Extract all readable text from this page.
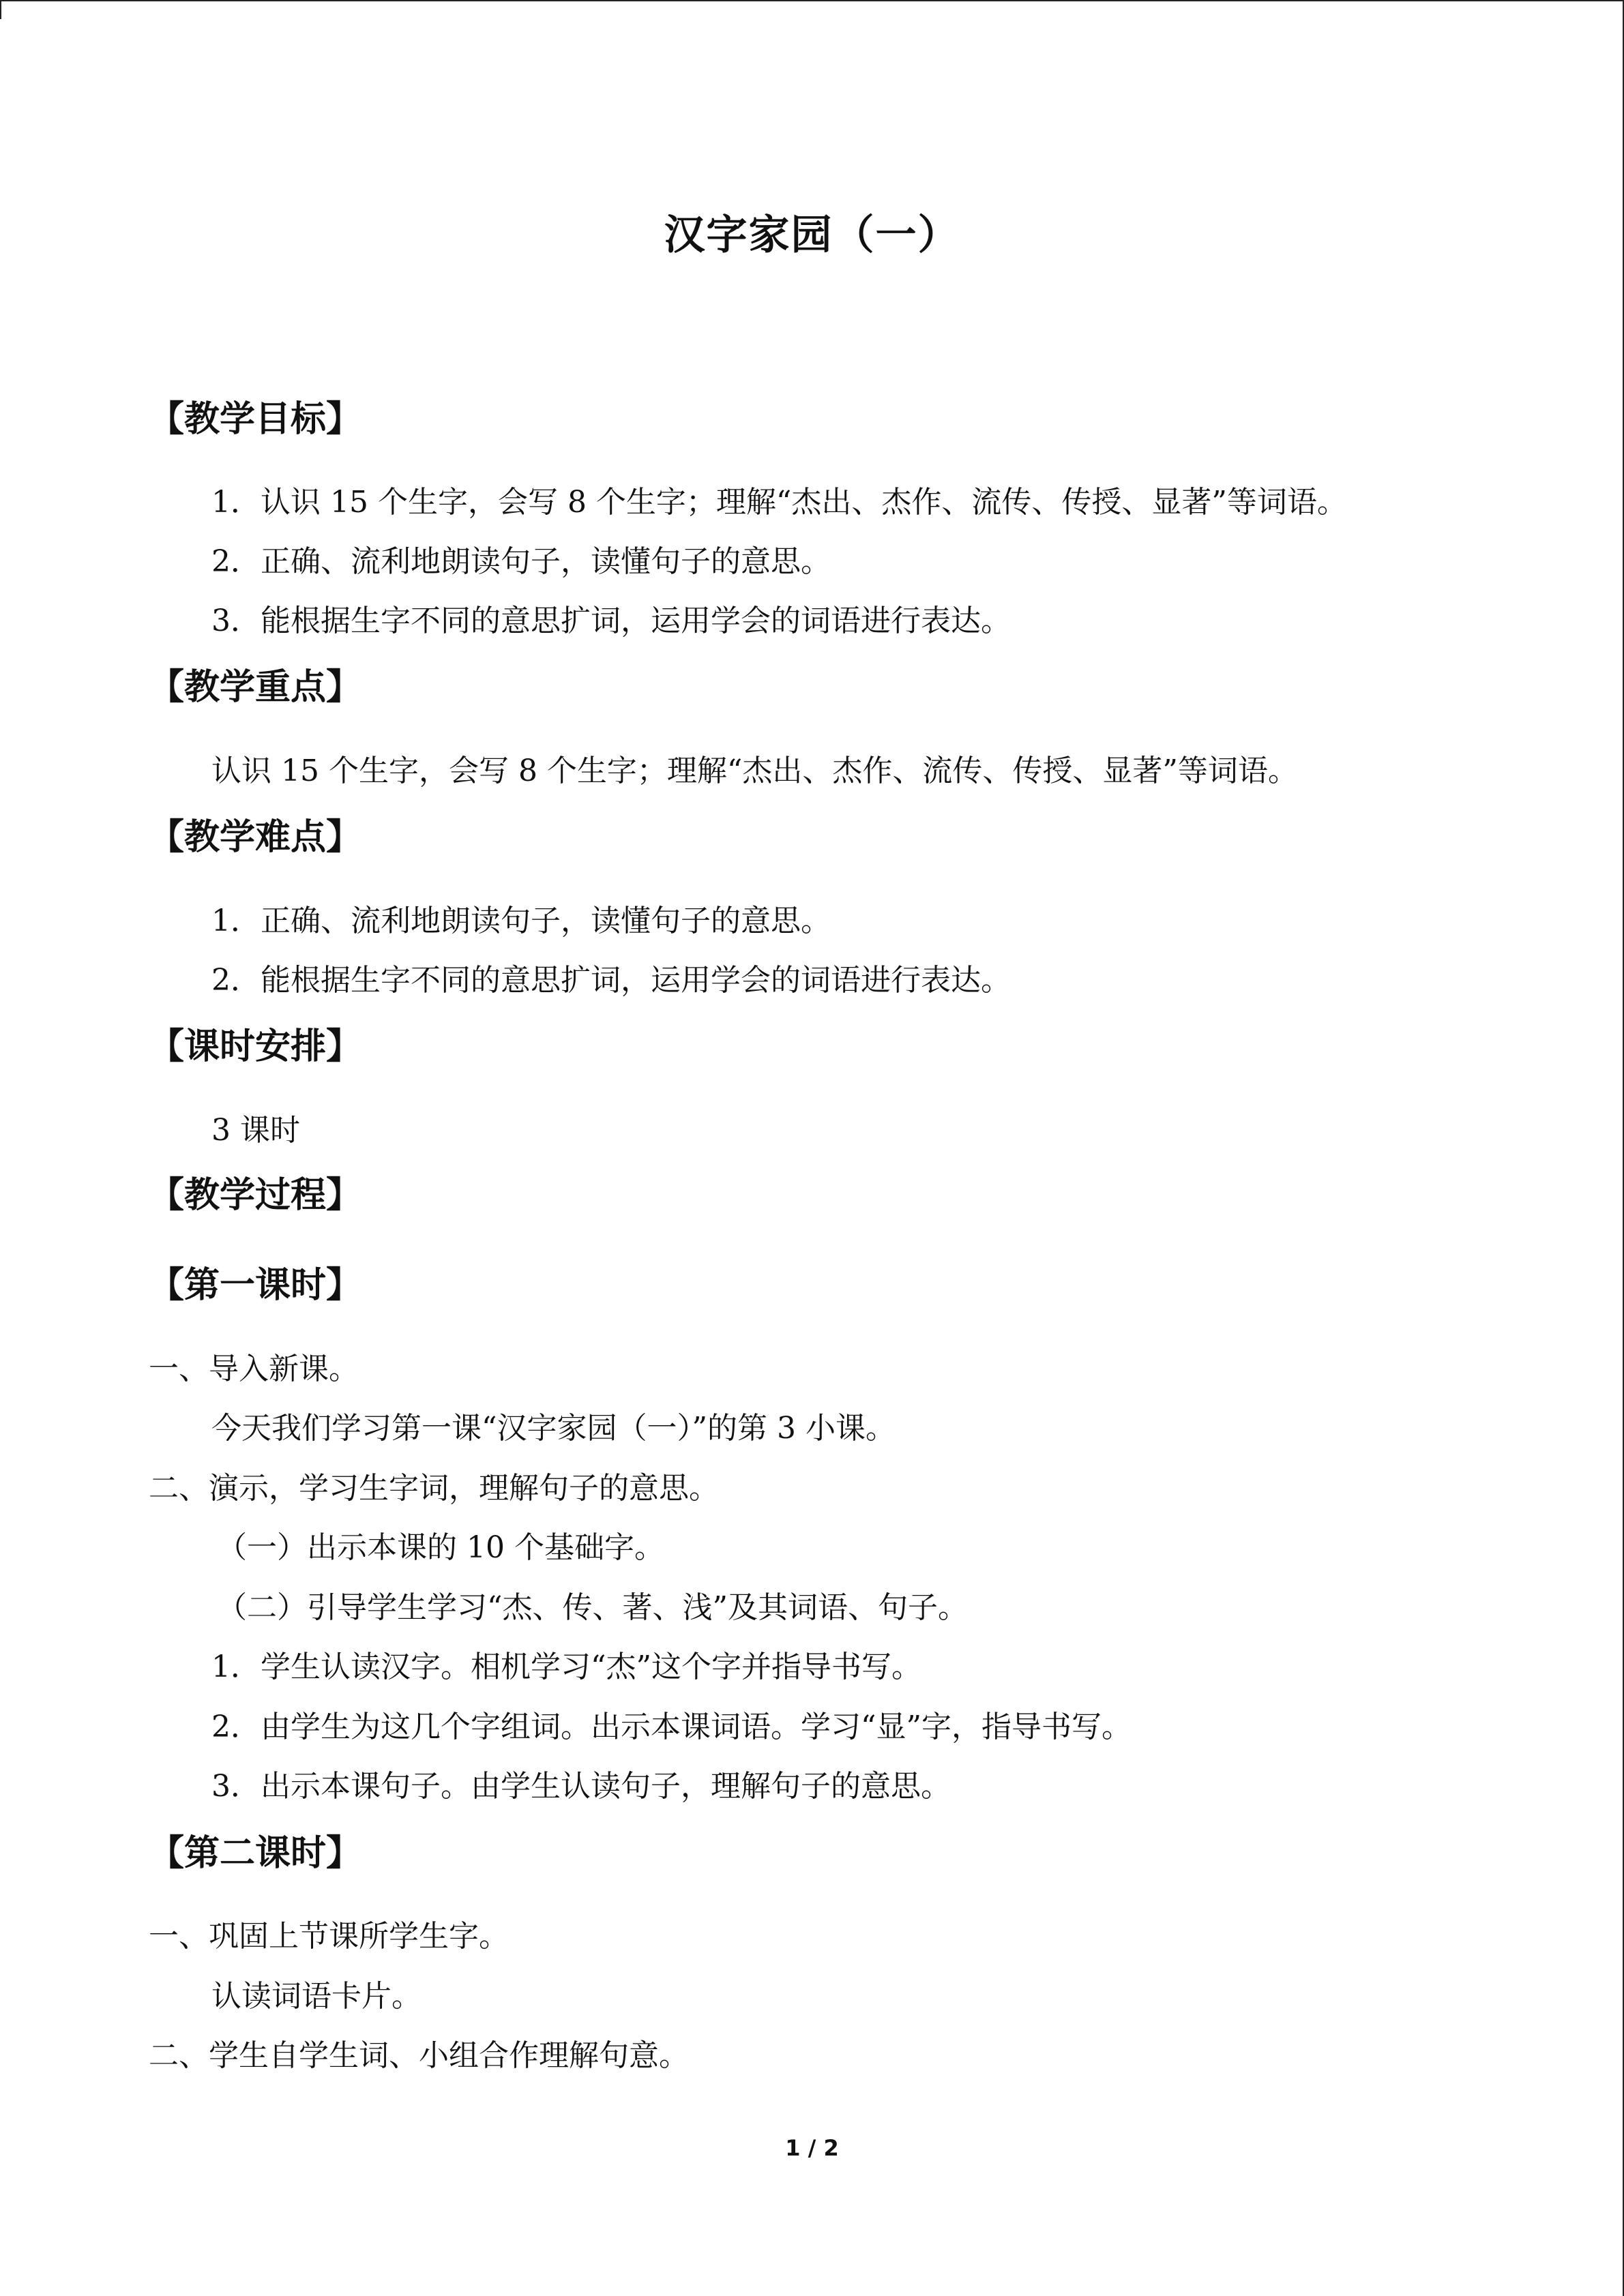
汉字家园（一）
【教学目标】
1．认识 15 个生字，会写 8 个生字；理解“杰出、杰作、流传、传授、显著”等词语。
2．正确、流利地朗读句子，读懂句子的意思。
3．能根据生字不同的意思扩词，运用学会的词语进行表达。
【教学重点】
认识 15 个生字，会写 8 个生字；理解“杰出、杰作、流传、传授、显著”等词语。
【教学难点】
1．正确、流利地朗读句子，读懂句子的意思。
2．能根据生字不同的意思扩词，运用学会的词语进行表达。
【课时安排】
3 课时
【教学过程】
【第一课时】
一、导入新课。
今天我们学习第一课“汉字家园（一）”的第 3 小课。
二、演示，学习生字词，理解句子的意思。
（一）出示本课的 10 个基础字。
（二）引导学生学习“杰、传、著、浅”及其词语、句子。
1．学生认读汉字。相机学习“杰”这个字并指导书写。
2．由学生为这几个字组词。出示本课词语。学习“显”字，指导书写。
3．出示本课句子。由学生认读句子，理解句子的意思。
【第二课时】
一、巩固上节课所学生字。
认读词语卡片。
二、学生自学生词、小组合作理解句意。
1 / 2
